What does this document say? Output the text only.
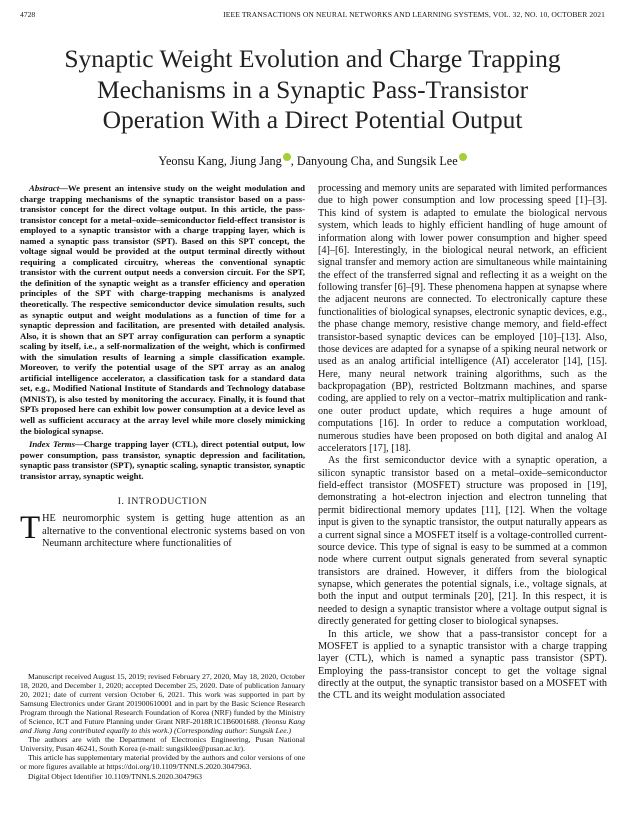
4728	IEEE TRANSACTIONS ON NEURAL NETWORKS AND LEARNING SYSTEMS, VOL. 32, NO. 10, OCTOBER 2021
Synaptic Weight Evolution and Charge Trapping
Mechanisms in a Synaptic Pass-Transistor
Operation With a Direct Potential Output
Yeonsu Kang, Jiung Jang , Danyoung Cha, and Sungsik Lee

Abstract—We present an intensive study on the weight modulation and charge trapping mechanisms of the synaptic transistor based on a pass-transistor concept for the direct voltage output. In this article, the pass-transistor concept for a metal–oxide–semiconductor field-effect transistor is employed to a synaptic transistor with a charge trapping layer, which is named a synaptic pass transistor (SPT). Based on this SPT concept, the voltage signal would be provided at the output terminal directly without requiring a complicated circuitry, whereas the conventional synaptic transistor with the current output needs a conversion circuit. For the SPT, the definition of the synaptic weight as a transfer efficiency and operation principles of the SPT with charge-trapping mechanisms is analyzed theoretically. The respective semiconductor device simulation results, such as synaptic output and weight modulations as a function of time for a synaptic depression and facilitation, are presented with detailed analysis. Also, it is shown that an SPT array configuration can perform a synaptic scaling by itself, i.e., a self-normalization of the weight, which is confirmed with the simulation results of learning a simple classification example. Moreover, to verify the potential usage of the SPT array as an analog artificial intelligence accelerator, a classification task for a standard data set, e.g., Modified National Institute of Standards and Technology database (MNIST), is also tested by monitoring the accuracy. Finally, it is found that SPTs proposed here can exhibit low power consumption at a device level as well as sufficient accuracy at the array level while more closely mimicking the biological synapse.

Index Terms—Charge trapping layer (CTL), direct potential output, low power consumption, pass transistor, synaptic depression and facilitation, synaptic pass transistor (SPT), synaptic scaling, synaptic transistor, synaptic transistor array, synaptic weight.

I. INTRODUCTION

THE neuromorphic system is getting huge attention as an alternative to the conventional electronic systems based on von Neumann architecture where functionalities of

Manuscript received August 15, 2019; revised February 27, 2020, May 18, 2020, October 18, 2020, and December 1, 2020; accepted December 25, 2020. Date of publication January 20, 2021; date of current version October 6, 2021. This work was supported in part by Samsung Electronics under Grant 201900610001 and in part by the Basic Science Research Program through the National Research Foundation of Korea (NRF) funded by the Ministry of Science, ICT and Future Planning under Grant NRF-2018R1C1B6001688. (Yeonsu Kang and Jiung Jang contributed equally to this work.) (Corresponding author: Sungsik Lee.)

The authors are with the Department of Electronics Engineering, Pusan National University, Pusan 46241, South Korea (e-mail: sungsiklee@pusan.ac.kr).

This article has supplementary material provided by the authors and color versions of one or more figures available at https://doi.org/10.1109/TNNLS.2020.3047963.

Digital Object Identifier 10.1109/TNNLS.2020.3047963

processing and memory units are separated with limited performances due to high power consumption and low processing speed [1]–[3]. This kind of system is adapted to emulate the biological nervous system, which leads to highly efficient handling of huge amount of information along with lower power consumption and higher speed [4]–[6]. Interestingly, in the biological neural network, an efficient signal transfer and memory action are simultaneous while maintaining the effect of the transferred signal and reflecting it as a weight on the following transfer [6]–[9]. These phenomena happen at synapse where the adjacent neurons are connected. To electronically capture these functionalities of biological synapses, electronic synaptic devices, e.g., the phase change memory, resistive change memory, and field-effect transistor-based synaptic devices can be employed [10]–[13]. Also, those devices are adapted for a synapse of a spiking neural network or used as an analog artificial intelligence (AI) accelerator [14], [15]. Here, many neural network training algorithms, such as the backpropagation (BP), restricted Boltzmann machines, and sparse coding, are applied to rely on a vector–matrix multiplication and rank-one outer product update, which requires a huge amount of computations [16]. In order to reduce a computation workload, numerous studies have been proposed on both digital and analog AI accelerators [17], [18].

As the first semiconductor device with a synaptic operation, a silicon synaptic transistor based on a metal–oxide–semiconductor field-effect transistor (MOSFET) structure was proposed in [19], demonstrating a hot-electron injection and electron tunneling that permit bidirectional memory updates [11], [12]. When the voltage input is given to the synaptic transistor, the output naturally appears as a current signal since a MOSFET itself is a voltage-controlled current-source device. This type of signal is easy to be summed at a common node where current output signals generated from several synaptic transistors are drained. However, it differs from the biological synapse, which generates the potential signals, i.e., voltage signals, at both the input and output terminals [20], [21]. In this respect, it is needed to design a synaptic transistor where a voltage output signal is directly generated for getting closer to biological synapses.

In this article, we show that a pass-transistor concept for a MOSFET is applied to a synaptic transistor with a charge trapping layer (CTL), which is named a synaptic pass transistor (SPT). Employing the pass-transistor concept to get the voltage signal directly at the output, the synaptic transistor based on a MOSFET with the CTL and its weight modulation associated
